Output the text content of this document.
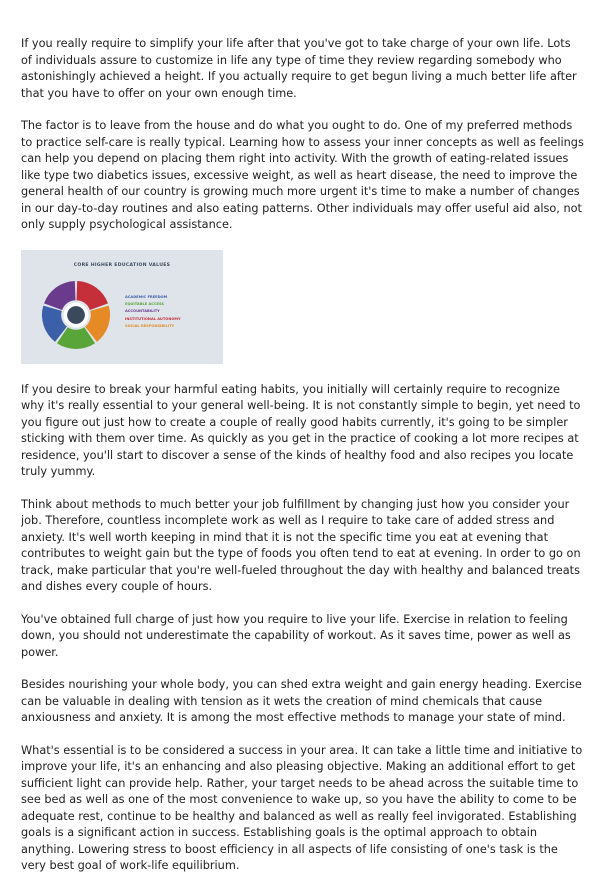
If you really require to simplify your life after that you've got to take charge of your own life. Lots of individuals assure to customize in life any type of time they review regarding somebody who astonishingly achieved a height. If you actually require to get begun living a much better life after that you have to offer on your own enough time.

The factor is to leave from the house and do what you ought to do. One of my preferred methods to practice self-care is really typical. Learning how to assess your inner concepts as well as feelings can help you depend on placing them right into activity. With the growth of eating-related issues like type two diabetics issues, excessive weight, as well as heart disease, the need to improve the general health of our country is growing much more urgent it's time to make a number of changes in our day-to-day routines and also eating patterns. Other individuals may offer useful aid also, not only supply psychological assistance.

CORE HIGHER EDUCATION VALUES
ACADEMIC FREEDOM
EQUITABLE ACCESS
ACCOUNTABILITY
INSTITUTIONAL AUTONOMY
SOCIAL RESPONSIBILITY

If you desire to break your harmful eating habits, you initially will certainly require to recognize why it's really essential to your general well-being. It is not constantly simple to begin, yet need to you figure out just how to create a couple of really good habits currently, it's going to be simpler sticking with them over time. As quickly as you get in the practice of cooking a lot more recipes at residence, you'll start to discover a sense of the kinds of healthy food and also recipes you locate truly yummy.

Think about methods to much better your job fulfillment by changing just how you consider your job. Therefore, countless incomplete work as well as I require to take care of added stress and anxiety. It's well worth keeping in mind that it is not the specific time you eat at evening that contributes to weight gain but the type of foods you often tend to eat at evening. In order to go on track, make particular that you're well-fueled throughout the day with healthy and balanced treats and dishes every couple of hours.

You've obtained full charge of just how you require to live your life. Exercise in relation to feeling down, you should not underestimate the capability of workout. As it saves time, power as well as power.

Besides nourishing your whole body, you can shed extra weight and gain energy heading. Exercise can be valuable in dealing with tension as it wets the creation of mind chemicals that cause anxiousness and anxiety. It is among the most effective methods to manage your state of mind.

What's essential is to be considered a success in your area. It can take a little time and initiative to improve your life, it's an enhancing and also pleasing objective. Making an additional effort to get sufficient light can provide help. Rather, your target needs to be ahead across the suitable time to see bed as well as one of the most convenience to wake up, so you have the ability to come to be adequate rest, continue to be healthy and balanced as well as really feel invigorated. Establishing goals is a significant action in success. Establishing goals is the optimal approach to obtain anything. Lowering stress to boost efficiency in all aspects of life consisting of one's task is the very best goal of work-life equilibrium.
